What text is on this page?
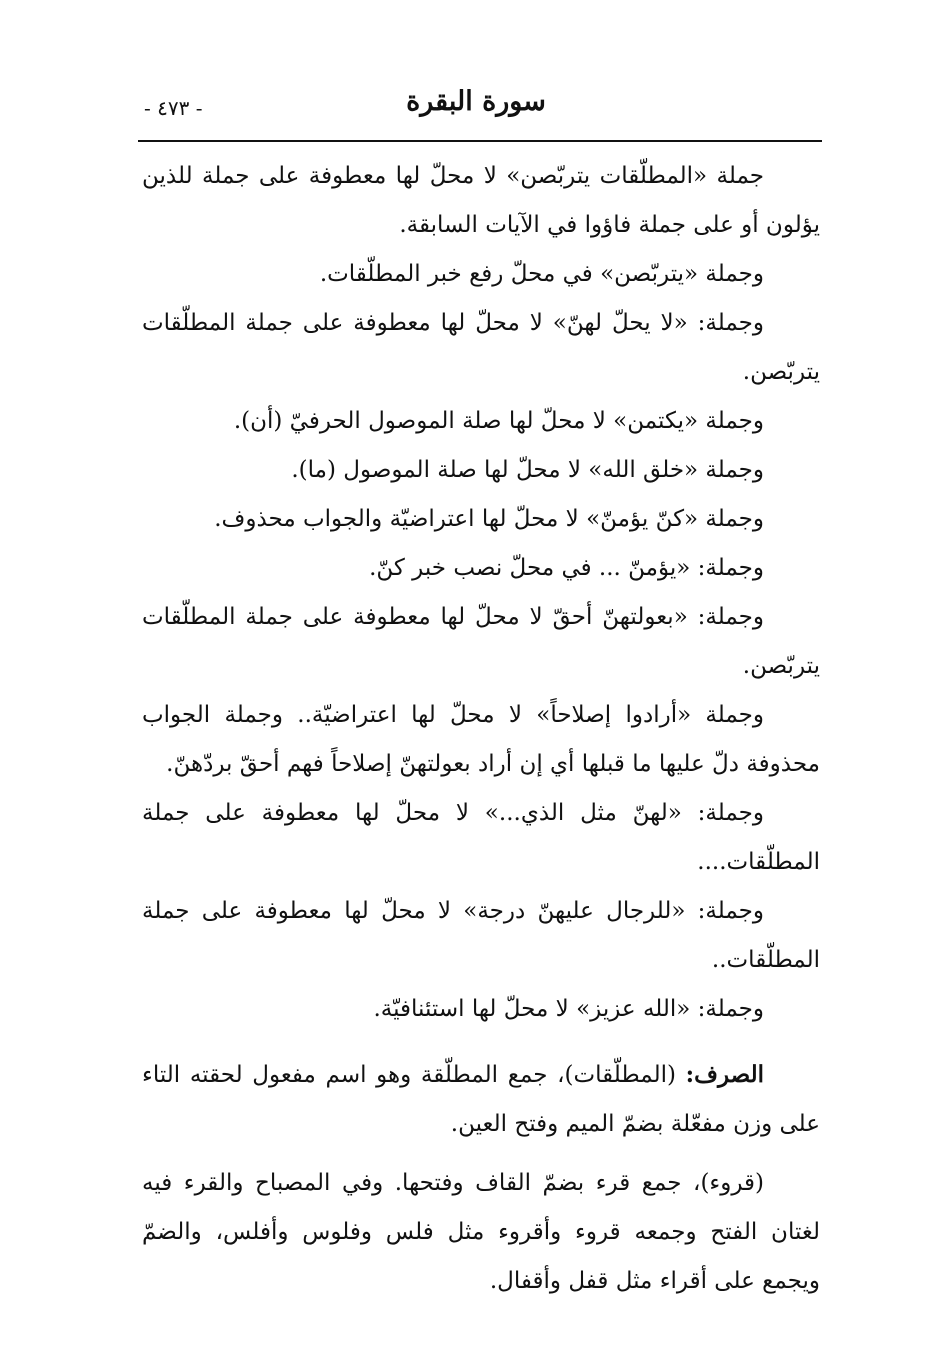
سورة البقرة
- ٤٧٣ -

جملة «المطلّقات يتربّصن» لا محلّ لها معطوفة على جملة للذين يؤلون أو على جملة فاؤوا في الآيات السابقة.

وجملة «يتربّصن» في محلّ رفع خبر المطلّقات.

وجملة: «لا يحلّ لهنّ» لا محلّ لها معطوفة على جملة المطلّقات يتربّصن.

وجملة «يكتمن» لا محلّ لها صلة الموصول الحرفيّ (أن).

وجملة «خلق الله» لا محلّ لها صلة الموصول (ما).

وجملة «كنّ يؤمنّ» لا محلّ لها اعتراضيّة والجواب محذوف.

وجملة: «يؤمنّ ... في محلّ نصب خبر كنّ.

وجملة: «بعولتهنّ أحقّ لا محلّ لها معطوفة على جملة المطلّقات يتربّصن.

وجملة «أرادوا إصلاحاً» لا محلّ لها اعتراضيّة.. وجملة الجواب محذوفة دلّ عليها ما قبلها أي إن أراد بعولتهنّ إصلاحاً فهم أحقّ بردّهنّ.

وجملة: «لهنّ مثل الذي...» لا محلّ لها معطوفة على جملة المطلّقات....

وجملة: «للرجال عليهنّ درجة» لا محلّ لها معطوفة على جملة المطلّقات..

وجملة: «الله عزيز» لا محلّ لها استئنافيّة.

الصرف: (المطلّقات)، جمع المطلّقة وهو اسم مفعول لحقته التاء على وزن مفعّلة بضمّ الميم وفتح العين.

(قروء)، جمع قرء بضمّ القاف وفتحها. وفي المصباح والقرء فيه لغتان الفتح وجمعه قروء وأقروء مثل فلس وفلوس وأفلس، والضمّ ويجمع على أقراء مثل قفل وأقفال.
